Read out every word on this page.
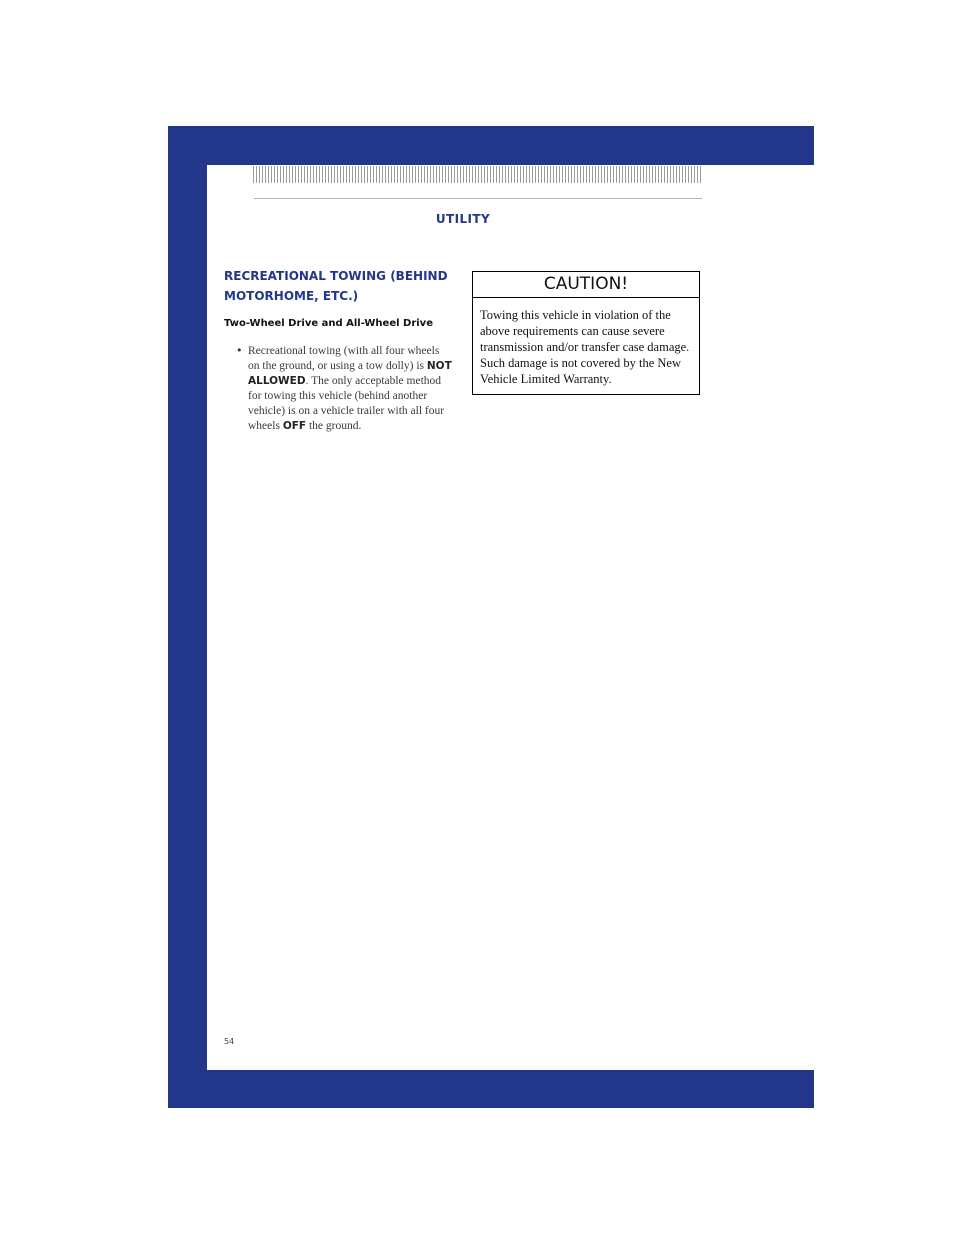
UTILITY
RECREATIONAL TOWING (BEHIND MOTORHOME, ETC.)
Two-Wheel Drive and All-Wheel Drive
• Recreational towing (with all four wheels on the ground, or using a tow dolly) is NOT ALLOWED. The only acceptable method for towing this vehicle (behind another vehicle) is on a vehicle trailer with all four wheels OFF the ground.
CAUTION!
Towing this vehicle in violation of the above requirements can cause severe transmission and/or transfer case damage. Such damage is not covered by the New Vehicle Limited Warranty.
54
